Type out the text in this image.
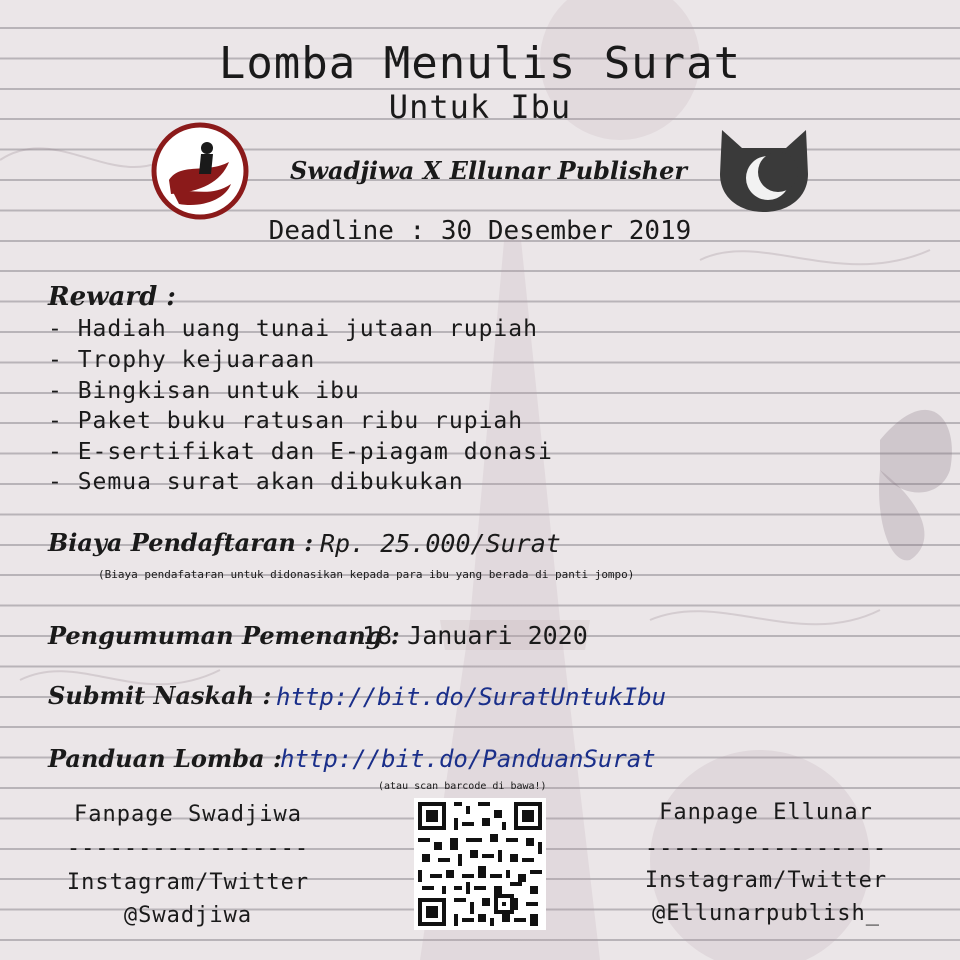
Lomba Menulis Surat
Untuk Ibu
Swadjiwa X Ellunar Publisher
Deadline : 30 Desember 2019
Reward :
- Hadiah uang tunai jutaan rupiah
- Trophy kejuaraan
- Bingkisan untuk ibu
- Paket buku ratusan ribu rupiah
- E-sertifikat dan E-piagam donasi
- Semua surat akan dibukukan
Biaya Pendaftaran : Rp. 25.000/Surat
(Biaya pendafataran untuk didonasikan kepada para ibu yang berada di panti jompo)
Pengumuman Pemenang :
18 Januari 2020
Submit Naskah : http://bit.do/SuratUntukIbu
Panduan Lomba :
http://bit.do/PanduanSurat
(atau scan barcode di bawa!)
Fanpage Swadjiwa
-----------------
Instagram/Twitter
@Swadjiwa
Fanpage Ellunar
-----------------
Instagram/Twitter
@Ellunarpublish_
